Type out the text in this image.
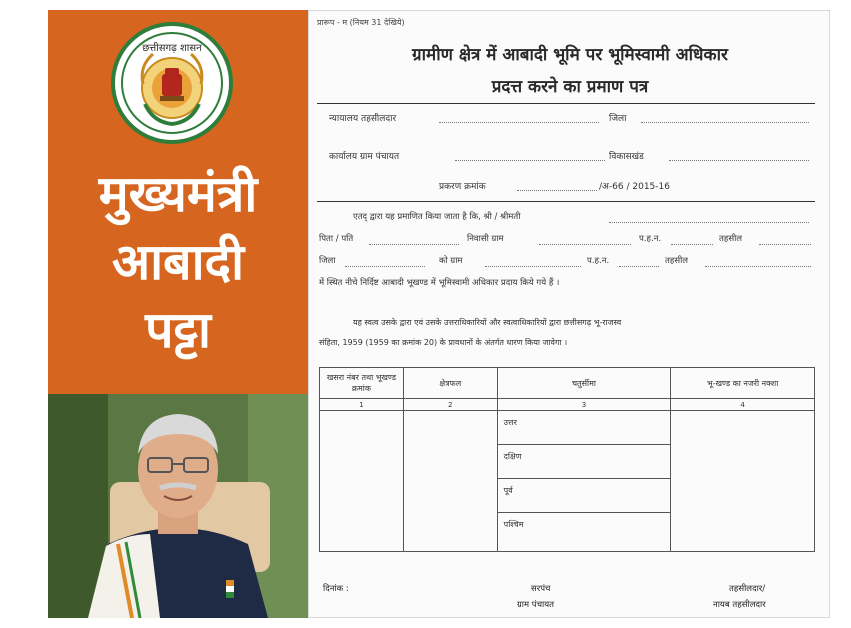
छत्तीसगढ़ शासन
मुख्यमंत्री
आबादी
पट्टा
प्रारूप - म (नियम 31 देखिये)
ग्रामीण क्षेत्र में आबादी भूमि पर भूमिस्वामी अधिकार
प्रदत्त करने का प्रमाण पत्र
न्यायालय तहसीलदार	जिला
कार्यालय ग्राम पंचायत	विकासखंड
प्रकरण क्रमांक	/अ-66 / 2015-16
एतद् द्वारा यह प्रमाणित किया जाता है कि, श्री / श्रीमती
पिता / पति	निवासी ग्राम	प.ह.न.	तहसील
जिला	को ग्राम	प.ह.न.	तहसील
में स्थित नीचे निर्दिष्ट आबादी भूखण्ड में भूमिस्वामी अधिकार प्रदाय किये गये हैं ।
यह स्वत्व उसके द्वारा एवं उसके उत्तराधिकारियों और स्वत्वाधिकारियों द्वारा छत्तीसगढ़ भू-राजस्व
संहिता, 1959 (1959 का क्रमांक 20) के प्रावधानों के अंतर्गत धारण किया जावेगा ।
खसरा नंबर तथा भूखण्ड क्रमांक	क्षेत्रफल	चतुर्सीमा	भू-खण्ड का नजरी नक्शा
1	2	3	4

		उत्तर
दक्षिण
पूर्व
पश्चिम	

दिनांक :	सरपंच
ग्राम पंचायत
तहसीलदार/
नायब तहसीलदार
